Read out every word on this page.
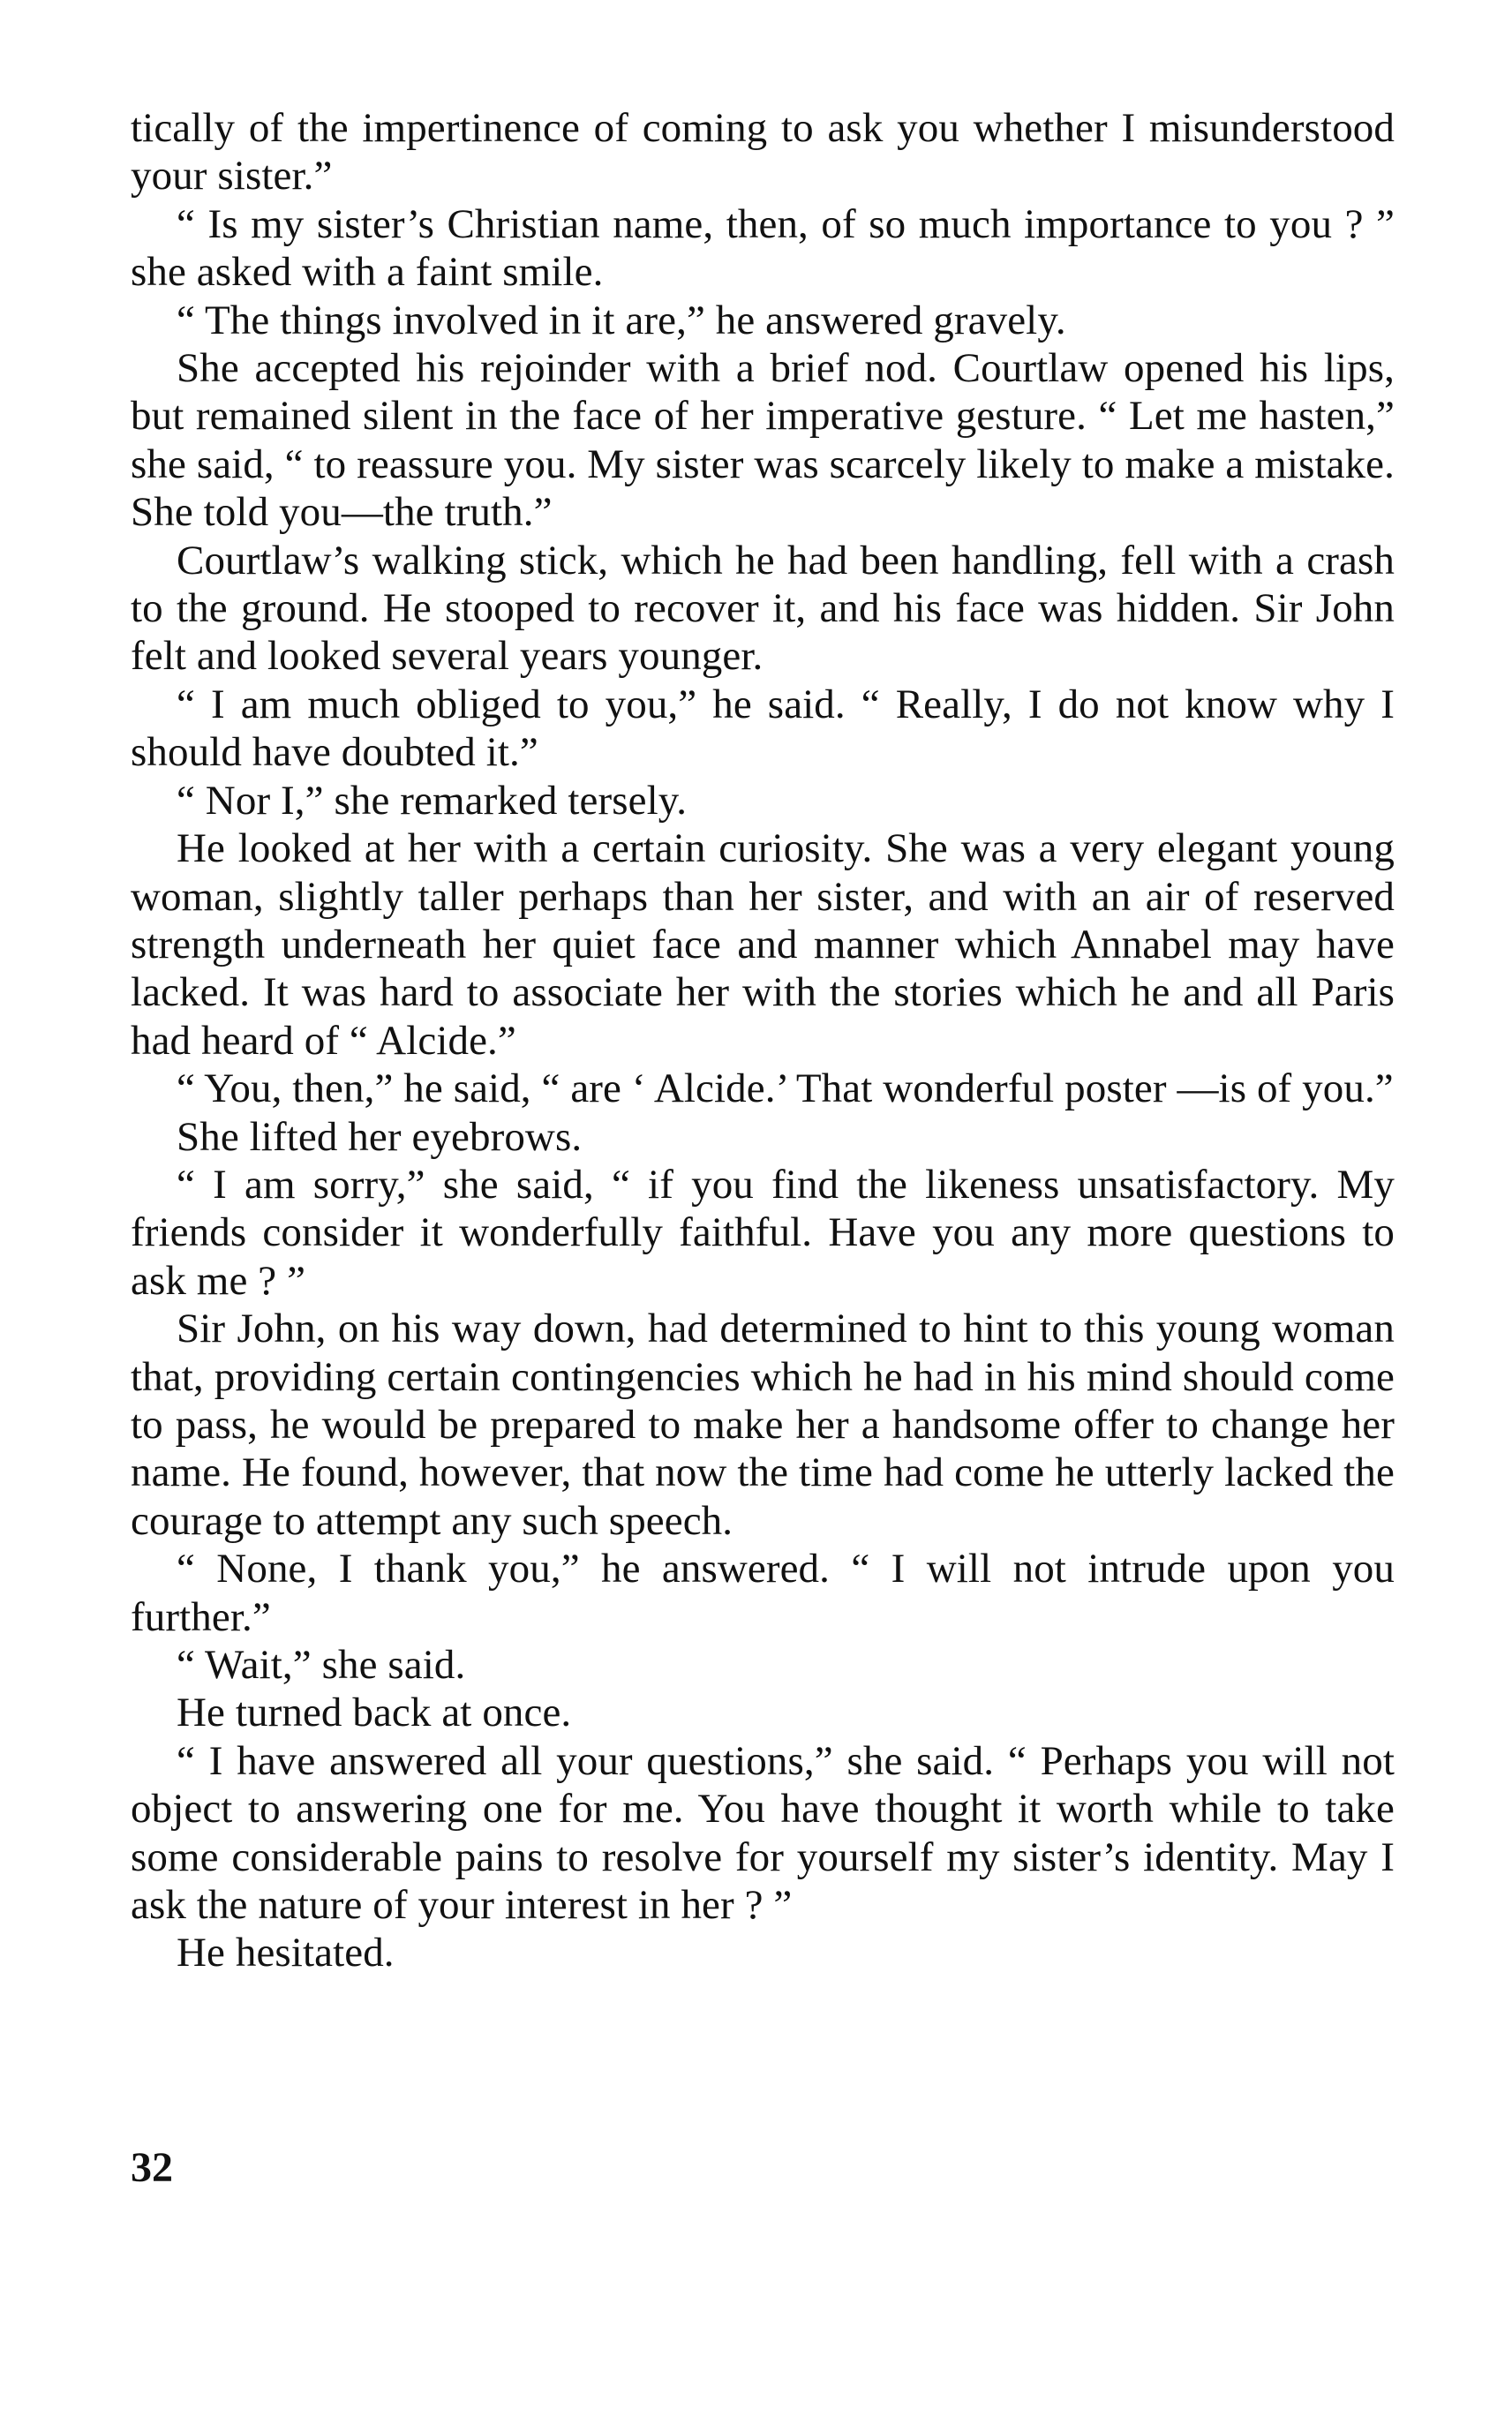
tically of the impertinence of coming to ask you whether I misunderstood your sister.”

“ Is my sister’s Christian name, then, of so much importance to you ? ” she asked with a faint smile.

“ The things involved in it are,” he answered gravely.

She accepted his rejoinder with a brief nod. Courtlaw opened his lips, but remained silent in the face of her imperative gesture. “ Let me hasten,” she said, “ to reassure you. My sister was scarcely likely to make a mistake. She told you—the truth.”

Courtlaw’s walking stick, which he had been handling, fell with a crash to the ground. He stooped to recover it, and his face was hidden. Sir John felt and looked several years younger.

“ I am much obliged to you,” he said. “ Really, I do not know why I should have doubted it.”

“ Nor I,” she remarked tersely.

He looked at her with a certain curiosity. She was a very elegant young woman, slightly taller perhaps than her sister, and with an air of reserved strength underneath her quiet face and manner which Annabel may have lacked. It was hard to associate her with the stories which he and all Paris had heard of “ Alcide.”

“ You, then,” he said, “ are ‘ Alcide.’ That wonderful poster —is of you.”

She lifted her eyebrows.

“ I am sorry,” she said, “ if you find the likeness unsatisfactory. My friends consider it wonderfully faithful. Have you any more questions to ask me ? ”

Sir John, on his way down, had determined to hint to this young woman that, providing certain contingencies which he had in his mind should come to pass, he would be prepared to make her a handsome offer to change her name. He found, however, that now the time had come he utterly lacked the courage to attempt any such speech.

“ None, I thank you,” he answered. “ I will not intrude upon you further.”

“ Wait,” she said.

He turned back at once.

“ I have answered all your questions,” she said. “ Perhaps you will not object to answering one for me. You have thought it worth while to take some considerable pains to resolve for yourself my sister’s identity. May I ask the nature of your interest in her ? ”

He hesitated.

32
